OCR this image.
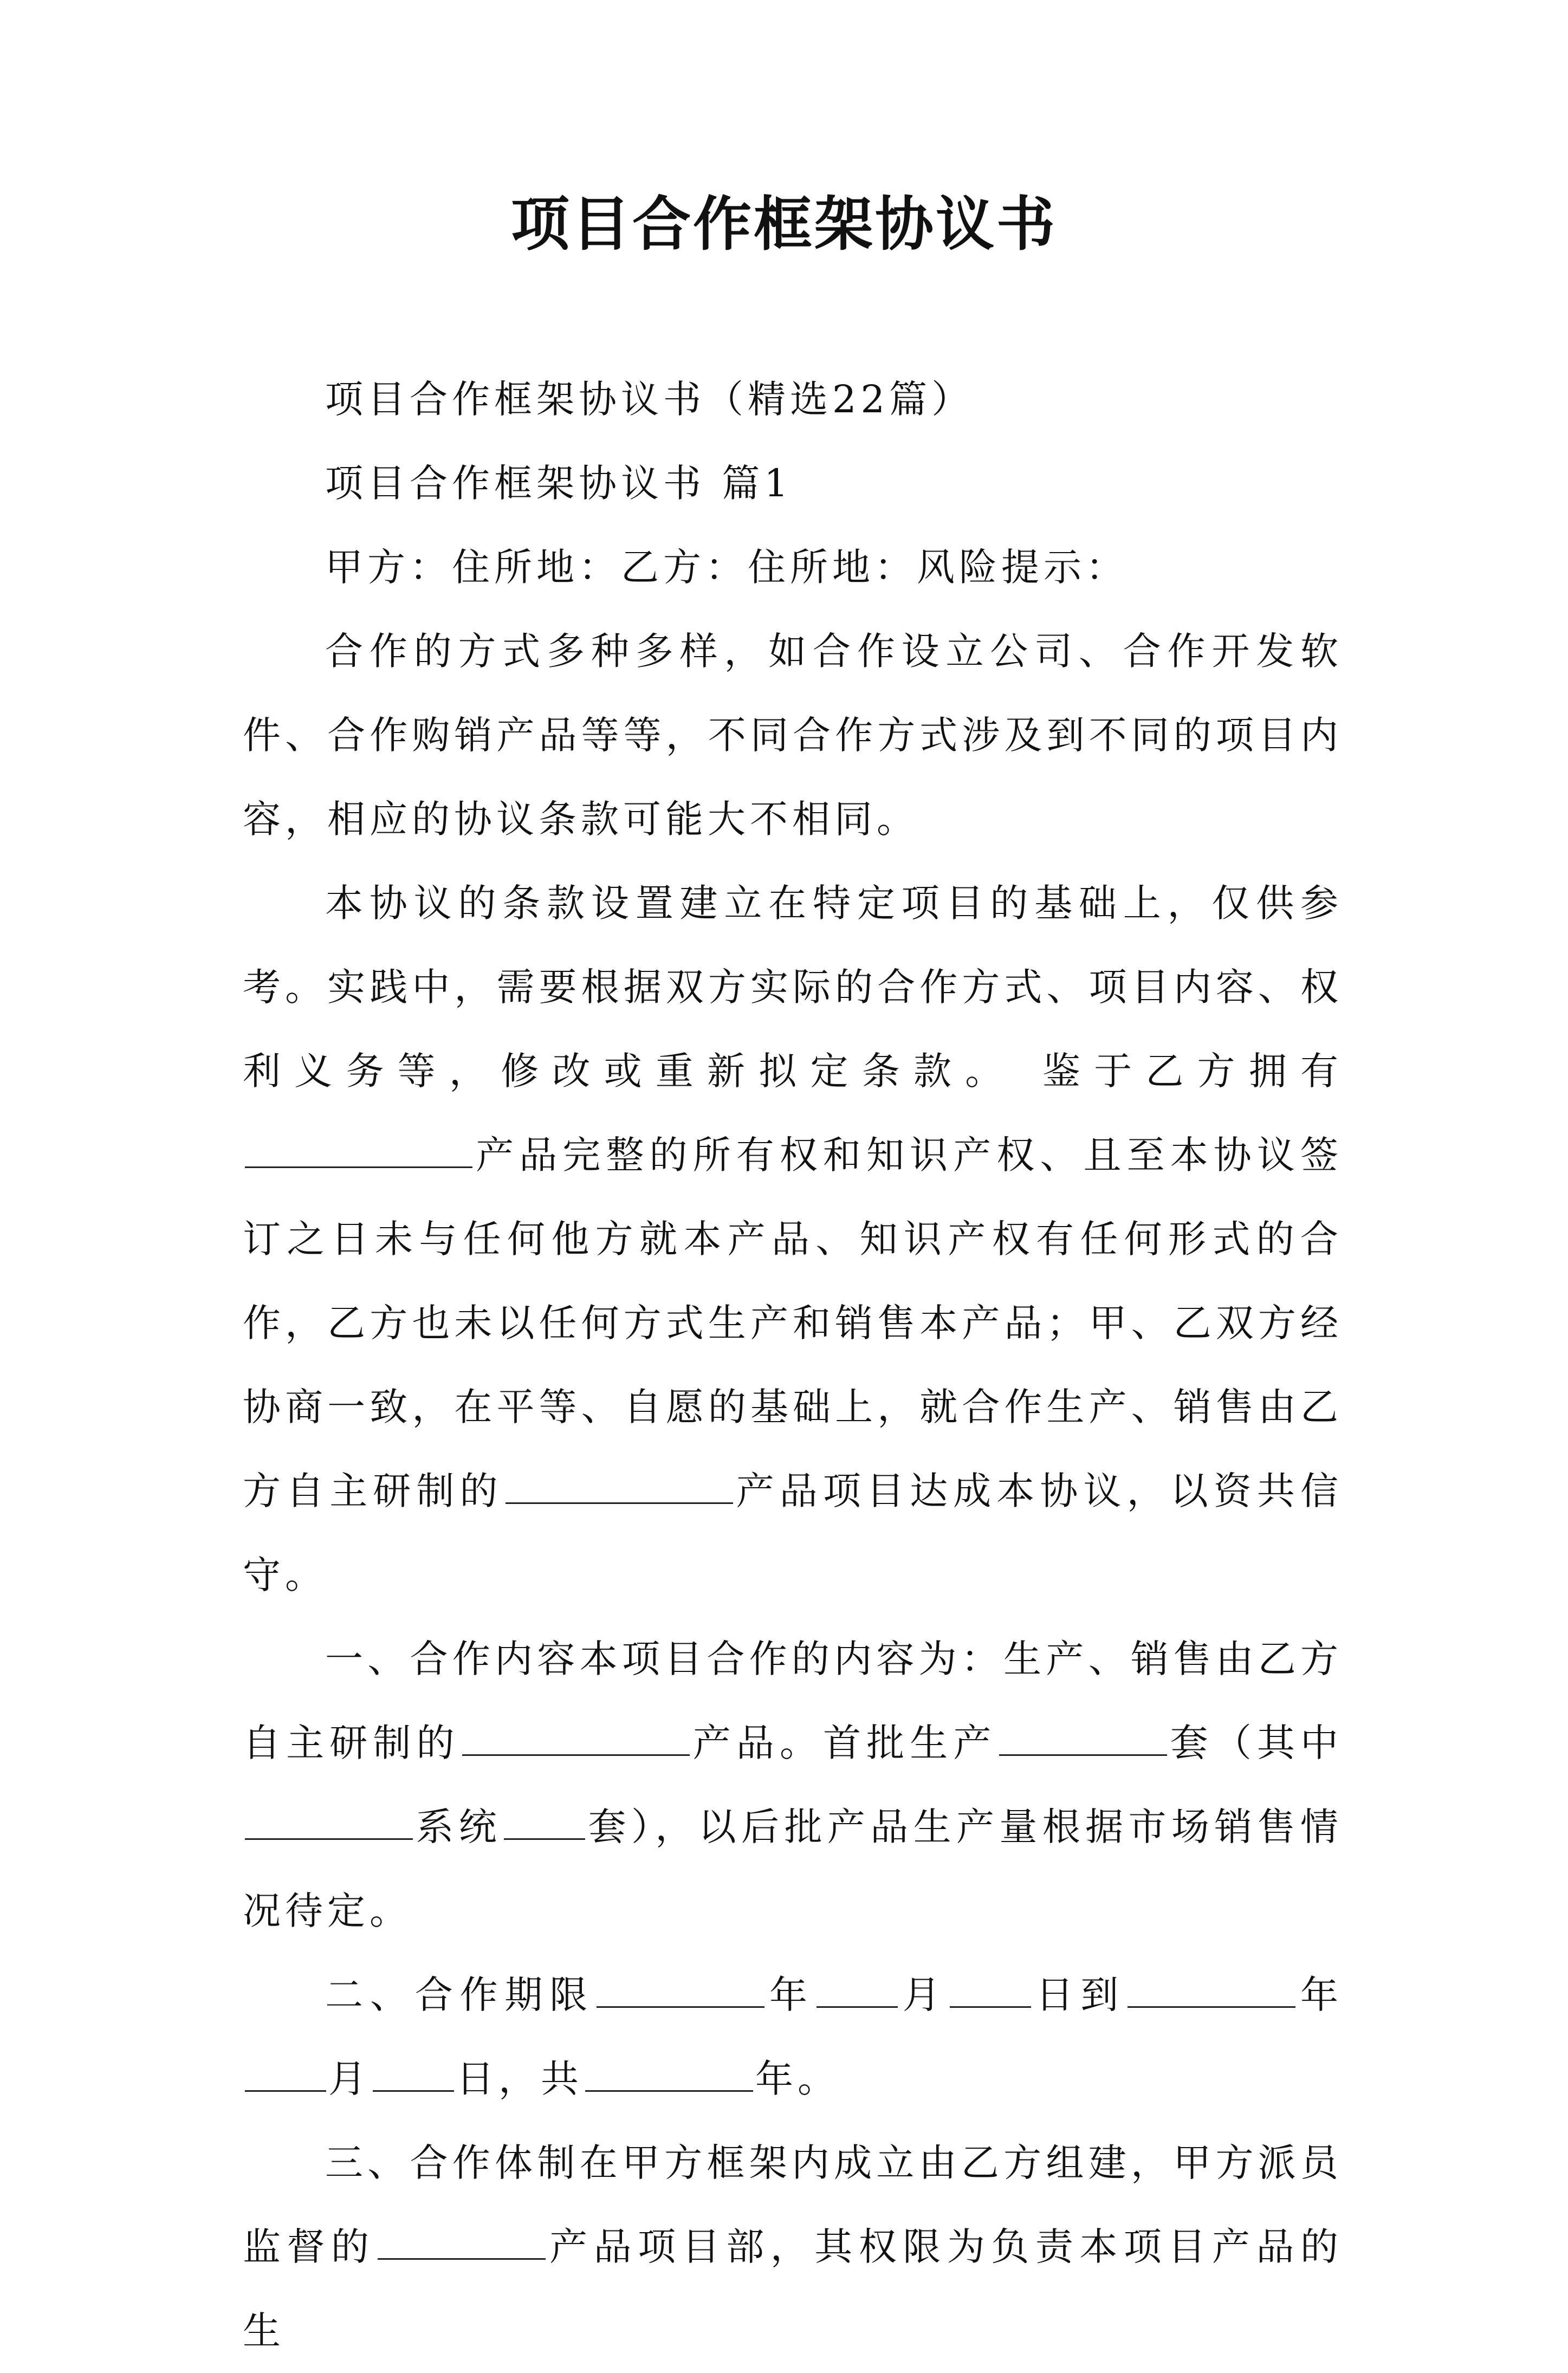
项目合作框架协议书

项目合作框架协议书（精选22篇）

项目合作框架协议书 篇1

甲方：住所地：乙方：住所地：风险提示：

合作的方式多种多样，如合作设立公司、合作开发软件、合作购销产品等等，不同合作方式涉及到不同的项目内容，相应的协议条款可能大不相同。

本协议的条款设置建立在特定项目的基础上，仅供参考。实践中，需要根据双方实际的合作方式、项目内容、权利义务等，修改或重新拟定条款。 鉴于乙方拥有产品完整的所有权和知识产权、且至本协议签订之日未与任何他方就本产品、知识产权有任何形式的合作，乙方也未以任何方式生产和销售本产品；甲、乙双方经协商一致，在平等、自愿的基础上，就合作生产、销售由乙方自主研制的	产品项目达成本协议，以资共信守。

一、合作内容本项目合作的内容为：生产、销售由乙方自主研制的	产品。首批生产	套（其中系统 套），以后批产品生产量根据市场销售情况待定。

二、合作期限	年 月 日到	年月 日，共	年。

三、合作体制在甲方框架内成立由乙方组建，甲方派员监督的	产品项目部，其权限为负责本项目产品的生
